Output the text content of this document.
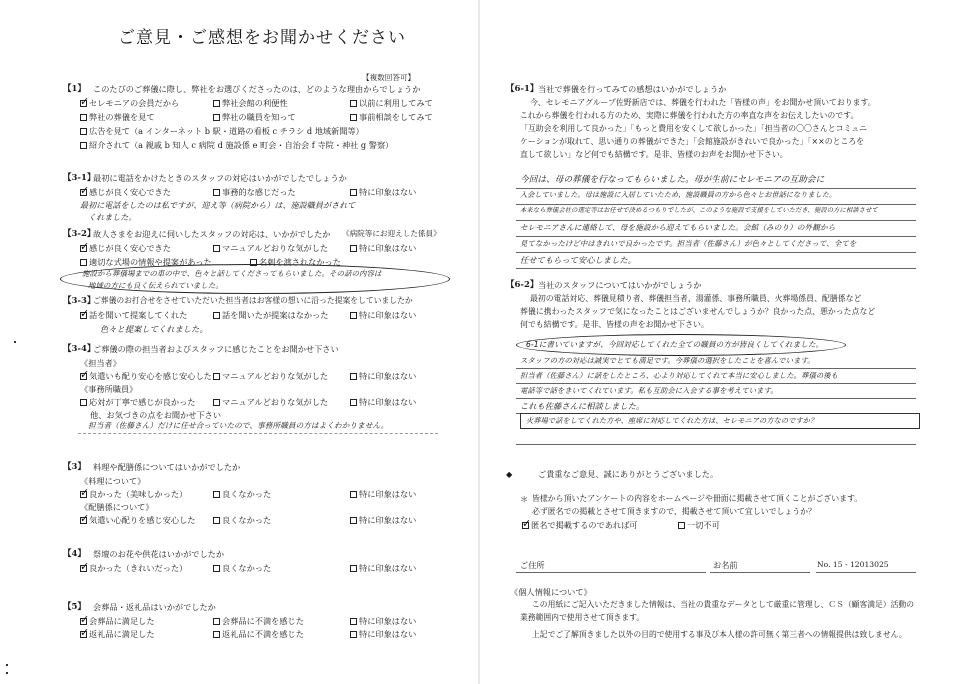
ご意見・ご感想をお聞かせください
【複数回答可】
【1】 このたびのご葬儀に際し、弊社をお選びくださったのは、どのような理由からでしょうか
✓セレモニアの会員だから	弊社会館の利便性	以前に利用してみて
弊社の葬儀を見て	弊社の職員を知って	事前相談をしてみて
広告を見て（a インターネット b 駅・道路の看板 c チラシ d 地域新聞等）
紹介されて（a 親戚 b 知人 c 病院 d 施設係 e 町会・自治会 f 寺院・神社 g 警察）
【3-1】
最初に電話をかけたときのスタッフの対応はいかがでしたでしょうか
✓感じが良く安心できた	事務的な感じだった	特に印象はない
最初に電話をしたのは私ですが、迎え等（病院から）は、施設職員がされて
くれました。
【3-2】
故人さまをお迎えに伺いしたスタッフの対応は、いかがでしたか 《病院等にお迎えした係員》
✓感じが良く安心できた	マニュアルどおりな気がした	特に印象はない
適切な式場の情報や提案があった	名刺を渡されなかった
施設から葬儀場までの車の中で、色々と話してくださってもらいました。その話の内容は
地域の方にも良く伝えられていました。
【3-3】
ご葬儀のお打合せをさせていただいた担当者はお客様の想いに沿った提案をしていましたか
✓話を聞いて提案してくれた	話を聞いたが提案はなかった	特に印象はない
色々と提案してくれました。
【3-4】
ご葬儀の際の担当者およびスタッフに感じたことをお聞かせ下さい
《担当者》
✓気遣いも配り安心を感じ安心した	マニュアルどおりな気がした	特に印象はない
《事務所職員》
応対が丁寧で感じが良かった	マニュアルどおりな気がした	特に印象はない
他、お気づきの点をお聞かせ下さい
担当者（佐藤さん）だけに任せ合っていたので、事務所職員の方はよくわかりません。
【3】 料理や配膳係についてはいかがでしたか
《料理について》
✓良かった（美味しかった）	良くなかった	特に印象はない
《配膳係について》
✓気遣い心配りを感じ安心した	良くなかった	特に印象はない
【4】 祭壇のお花や供花はいかがでしたか
✓良かった（きれいだった）	良くなかった	特に印象はない
【5】 会葬品・返礼品はいかがでしたか
✓会葬品に満足した	会葬品に不満を感じた	特に印象はない
✓返礼品に満足した	返礼品に不満を感じた	特に印象はない
【6-1】 当社で葬儀を行ってみての感想はいかがでしょうか
今、セレモニアグループ佐野新店では、葬儀を行われた「皆様の声」をお聞かせ頂いております。
これから葬儀を行われる方のため、実際に葬儀を行われた方の率直な声をお伝えしたいのです。
「互助会を利用して良かった」「もっと費用を安くして欲しかった」「担当者の〇〇さんとコミュニ
ケーションが取れて、思い通りの葬儀ができた」「会館施設がきれいで良かった」「××のところを
直して欲しい」など何でも結構です。是非、皆様のお声をお聞かせ下さい。
今回は、母の葬儀を行なってもらいました。母が生前にセレモニアの互助会に
入会していました。母は施設に入居していたため、施設職員の方から色々とお世話になりました。
本来なら葬儀会社の選定等はお任せで決めるつもりでしたが、このような施設で支援をしていただき、施設の方に相談させて
セレモニアさんに連絡して、母を施設から迎えてもらいました。会館（みのり）の外観から
見てなかったけど中はきれいで良かったです。担当者（佐藤さん）が色々としてくださって、全てを
任せてもらって安心しました。
【6-2】 当社のスタッフについてはいかがでしょうか
最初の電話対応、葬儀見積り者、葬儀担当者、湯灌係、事務所職員、火葬場係員、配膳係など
葬儀に携わったスタッフで気になったことはございませんでしょうか？良かった点、悪かった点など
何でも結構です。是非、皆様の声をお聞かせ下さい。
6-1に書いていますが、今回対応してくれた全ての職員の方が皆良くしてくれました。
スタッフの方の対応は誠実でとても満足です。今葬儀の選択をしたことを喜んでいます。
担当者（佐藤さん）に話をしたところ、心より対応してくれて本当に安心しました。葬儀の後も
電話等で話をきいてくれています。私も互助会に入会する事を考えています。
これも佐藤さんに相談しました。
火葬場で話をしてくれた方や、座席に対応してくれた方は、セレモニアの方なのですか？
◆	ご貴重なご意見、誠にありがとうございました。
＊ 皆様から頂いたアンケートの内容をホームページや冊面に掲載させて頂くことがございます。
必ず匿名での掲載とさせて頂きますので、掲載させて頂いて宜しいでしょうか？
✓匿名で掲載するのであれば可	一切不可
ご住所	お名前	No. 15 - 12013025
《個人情報について》
この用紙にご記入いただきました情報は、当社の貴重なデータとして厳重に管理し、ＣＳ（顧客満足）活動の
業務範囲内で使用させて頂きます。
上記でご了解頂きました以外の目的で使用する事及び本人様の許可無く第三者への情報提供は致しません。
